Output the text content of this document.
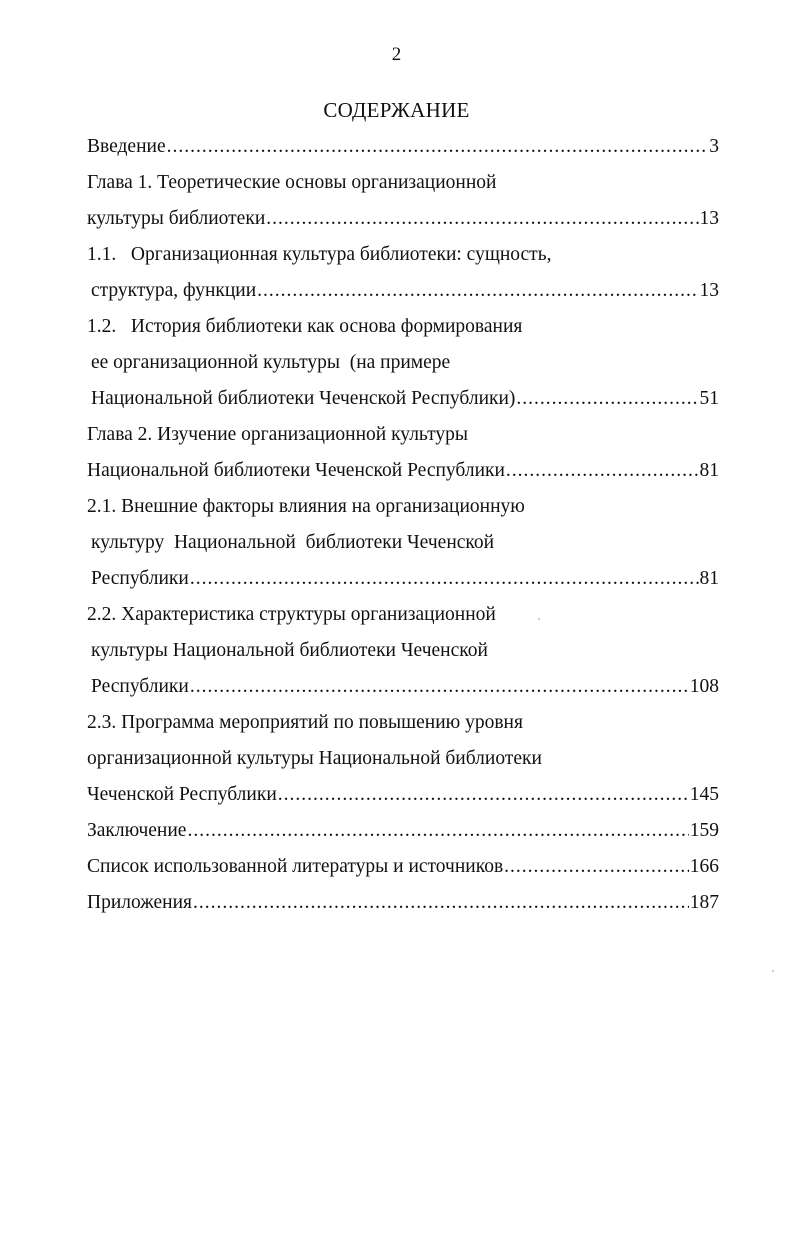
2
СОДЕРЖАНИЕ
Введение .....	3
Глава 1. Теоретические основы организационной
культуры библиотеки .....	13
1.1.   Организационная культура библиотеки: сущность,
структура, функции .....	13
1.2.   История библиотеки как основа формирования
ее организационной культуры  (на примере
Национальной библиотеки Чеченской Республики) .....	51
Глава 2. Изучение организационной культуры
Национальной библиотеки Чеченской Республики .....	81
2.1. Внешние факторы влияния на организационную
культуру  Национальной  библиотеки Чеченской
Республики .....	81
2.2. Характеристика структуры организационной
культуры Национальной библиотеки Чеченской
Республики .....	108
2.3. Программа мероприятий по повышению уровня
организационной культуры Национальной библиотеки
Чеченской Республики .....	145
Заключение .....	159
Список использованной литературы и источников .....	166
Приложения .....	187
